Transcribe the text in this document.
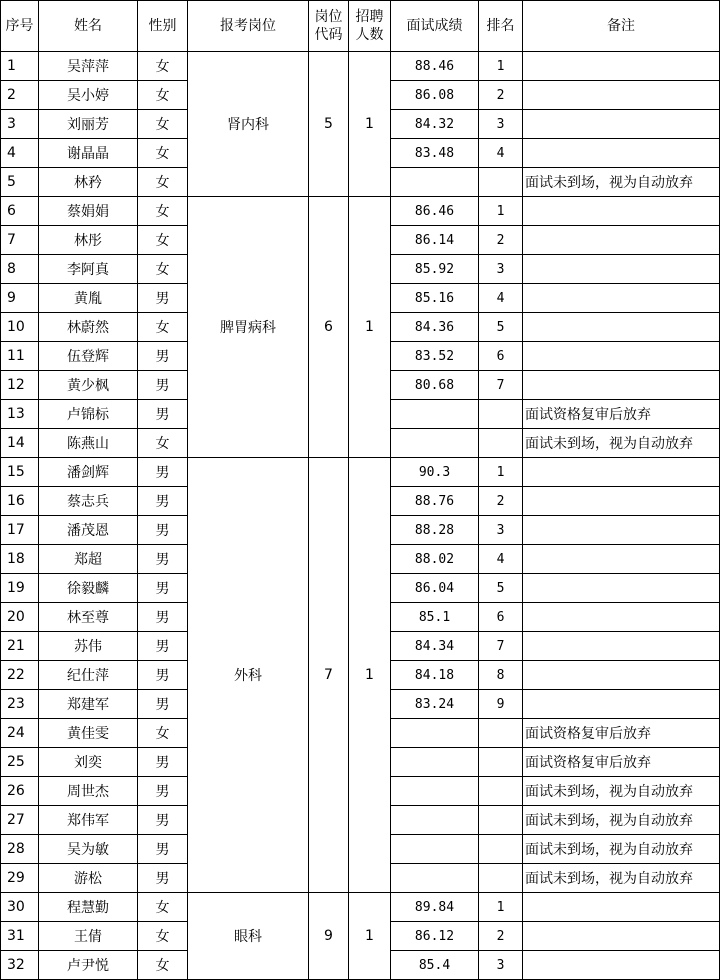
序号	姓名	性别	报考岗位	岗位代码	招聘人数	面试成绩	排名	备注
1	吴萍萍	女	肾内科	5	1	88.46	1	
2	吴小婷	女				86.08	2	
3	刘丽芳	女				84.32	3	
4	谢晶晶	女				83.48	4	
5	林矜	女						面试未到场，视为自动放弃
6	蔡娟娟	女	脾胃病科	6	1	86.46	1	
7	林彤	女				86.14	2	
8	李阿真	女				85.92	3	
9	黄胤	男				85.16	4	
10	林蔚然	女				84.36	5	
11	伍登辉	男				83.52	6	
12	黄少枫	男				80.68	7	
13	卢锦标	男						面试资格复审后放弃
14	陈燕山	女						面试未到场，视为自动放弃
15	潘剑辉	男	外科	7	1	90.3	1	
16	蔡志兵	男				88.76	2	
17	潘茂恩	男				88.28	3	
18	郑超	男				88.02	4	
19	徐毅麟	男				86.04	5	
20	林至尊	男				85.1	6	
21	苏伟	男				84.34	7	
22	纪仕萍	男				84.18	8	
23	郑建军	男				83.24	9	
24	黄佳雯	女						面试资格复审后放弃
25	刘奕	男						面试资格复审后放弃
26	周世杰	男						面试未到场，视为自动放弃
27	郑伟军	男						面试未到场，视为自动放弃
28	吴为敏	男						面试未到场，视为自动放弃
29	游松	男						面试未到场，视为自动放弃
30	程慧勤	女	眼科	9	1	89.84	1	
31	王倩	女				86.12	2	
32	卢尹悦	女				85.4	3	
